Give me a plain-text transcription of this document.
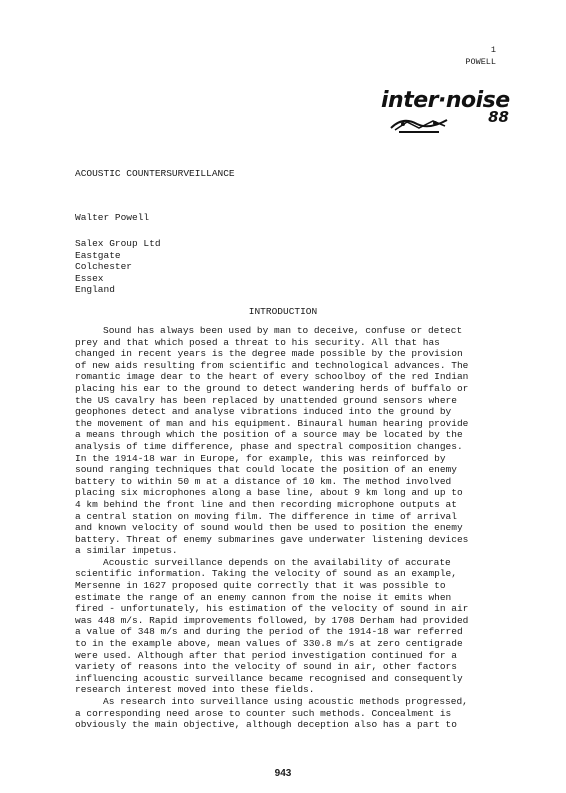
1
POWELL
inter·noise
88
ACOUSTIC COUNTERSURVEILLANCE
Walter Powell
Salex Group Ltd
Eastgate
Colchester
Essex
England
INTRODUCTION
Sound has always been used by man to deceive, confuse or detect
prey and that which posed a threat to his security. All that has
changed in recent years is the degree made possible by the provision
of new aids resulting from scientific and technological advances. The
romantic image dear to the heart of every schoolboy of the red Indian
placing his ear to the ground to detect wandering herds of buffalo or
the US cavalry has been replaced by unattended ground sensors where
geophones detect and analyse vibrations induced into the ground by
the movement of man and his equipment. Binaural human hearing provide
a means through which the position of a source may be located by the
analysis of time difference, phase and spectral composition changes.
In the 1914-18 war in Europe, for example, this was reinforced by
sound ranging techniques that could locate the position of an enemy
battery to within 50 m at a distance of 10 km. The method involved
placing six microphones along a base line, about 9 km long and up to
4 km behind the front line and then recording microphone outputs at
a central station on moving film. The difference in time of arrival
and known velocity of sound would then be used to position the enemy
battery. Threat of enemy submarines gave underwater listening devices
a similar impetus.
Acoustic surveillance depends on the availability of accurate
scientific information. Taking the velocity of sound as an example,
Mersenne in 1627 proposed quite correctly that it was possible to
estimate the range of an enemy cannon from the noise it emits when
fired - unfortunately, his estimation of the velocity of sound in air
was 448 m/s. Rapid improvements followed, by 1708 Derham had provided
a value of 348 m/s and during the period of the 1914-18 war referred
to in the example above, mean values of 330.8 m/s at zero centigrade
were used. Although after that period investigation continued for a
variety of reasons into the velocity of sound in air, other factors
influencing acoustic surveillance became recognised and consequently
research interest moved into these fields.
As research into surveillance using acoustic methods progressed,
a corresponding need arose to counter such methods. Concealment is
obviously the main objective, although deception also has a part to
943
